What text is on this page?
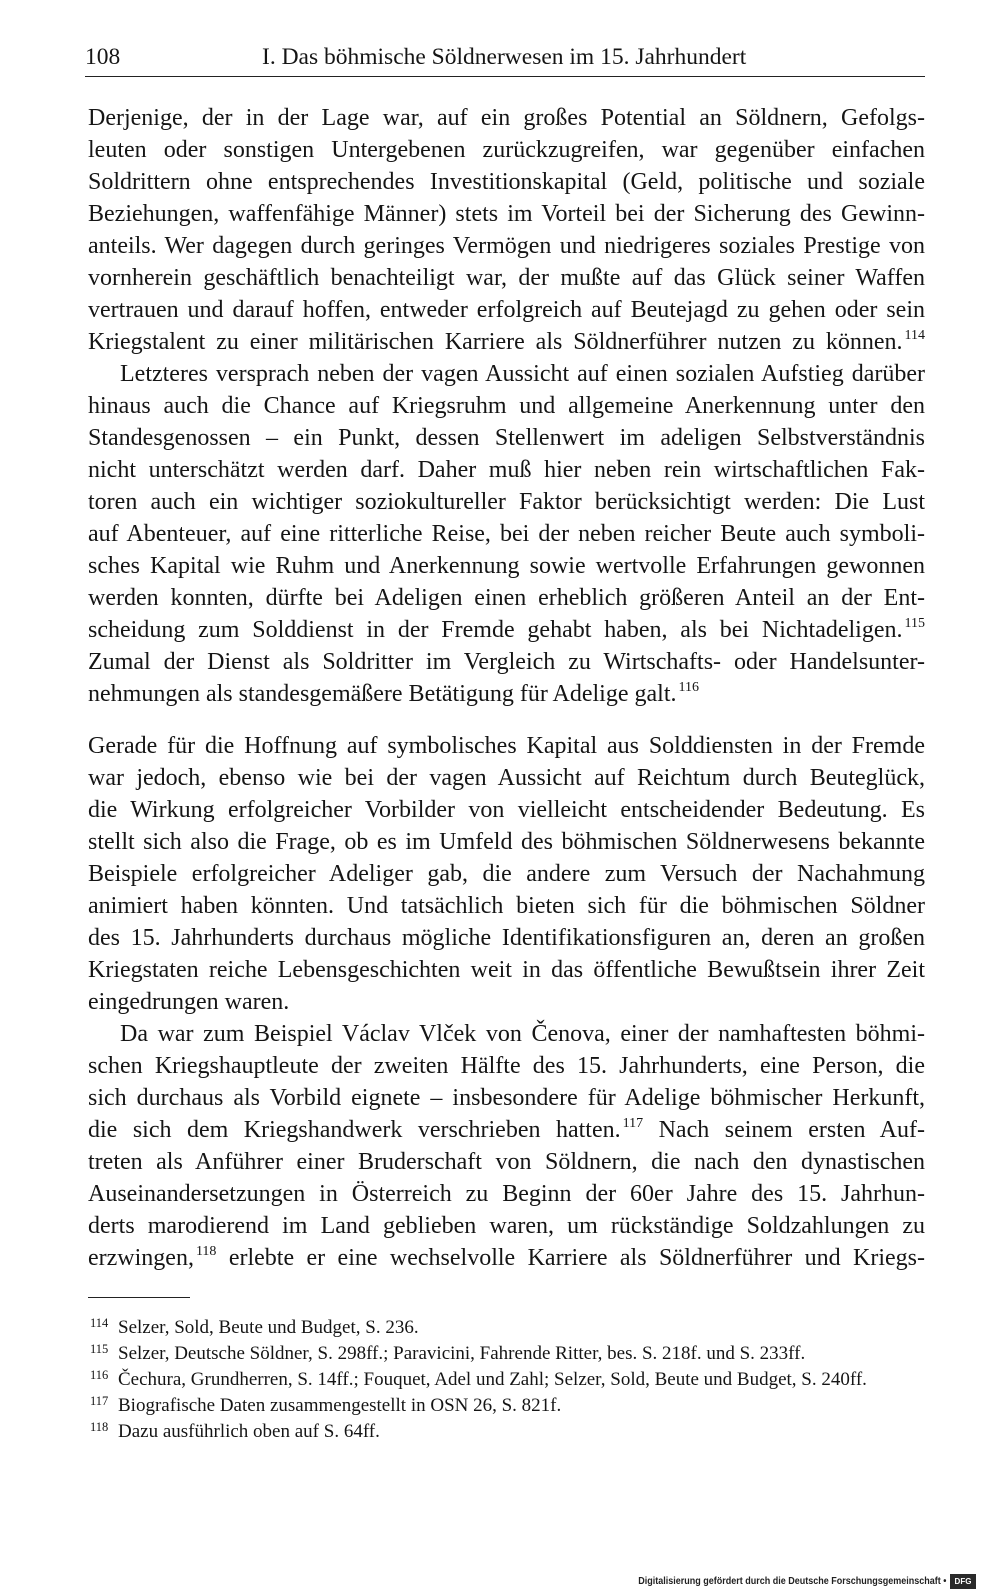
108	I. Das böhmische Söldnerwesen im 15. Jahrhundert
Derjenige, der in der Lage war, auf ein großes Potential an Söldnern, Gefolgs-
leuten oder sonstigen Untergebenen zurückzugreifen, war gegenüber einfachen
Soldrittern ohne entsprechendes Investitionskapital (Geld, politische und soziale
Beziehungen, waffenfähige Männer) stets im Vorteil bei der Sicherung des Gewinn-
anteils. Wer dagegen durch geringes Vermögen und niedrigeres soziales Prestige von
vornherein geschäftlich benachteiligt war, der mußte auf das Glück seiner Waffen
vertrauen und darauf hoffen, entweder erfolgreich auf Beutejagd zu gehen oder sein
Kriegstalent zu einer militärischen Karriere als Söldnerführer nutzen zu können. $^{114}$
Letzteres versprach neben der vagen Aussicht auf einen sozialen Aufstieg darüber
hinaus auch die Chance auf Kriegsruhm und allgemeine Anerkennung unter den
Standesgenossen – ein Punkt, dessen Stellenwert im adeligen Selbstverständnis
nicht unterschätzt werden darf. Daher muß hier neben rein wirtschaftlichen Fak-
toren auch ein wichtiger soziokultureller Faktor berücksichtigt werden: Die Lust
auf Abenteuer, auf eine ritterliche Reise, bei der neben reicher Beute auch symboli-
sches Kapital wie Ruhm und Anerkennung sowie wertvolle Erfahrungen gewonnen
werden konnten, dürfte bei Adeligen einen erheblich größeren Anteil an der Ent-
scheidung zum Solddienst in der Fremde gehabt haben, als bei Nichtadeligen. $^{115}$
Zumal der Dienst als Soldritter im Vergleich zu Wirtschafts- oder Handelsunter-
nehmungen als standesgemäßere Betätigung für Adelige galt. $^{116}$
Gerade für die Hoffnung auf symbolisches Kapital aus Solddiensten in der Fremde
war jedoch, ebenso wie bei der vagen Aussicht auf Reichtum durch Beuteglück,
die Wirkung erfolgreicher Vorbilder von vielleicht entscheidender Bedeutung. Es
stellt sich also die Frage, ob es im Umfeld des böhmischen Söldnerwesens bekannte
Beispiele erfolgreicher Adeliger gab, die andere zum Versuch der Nachahmung
animiert haben könnten. Und tatsächlich bieten sich für die böhmischen Söldner
des 15. Jahrhunderts durchaus mögliche Identifikationsfiguren an, deren an großen
Kriegstaten reiche Lebensgeschichten weit in das öffentliche Bewußtsein ihrer Zeit
eingedrungen waren.
Da war zum Beispiel Václav Vlček von Čenova, einer der namhaftesten böhmi-
schen Kriegshauptleute der zweiten Hälfte des 15. Jahrhunderts, eine Person, die
sich durchaus als Vorbild eignete – insbesondere für Adelige böhmischer Herkunft,
die sich dem Kriegshandwerk verschrieben hatten. $^{117}$ Nach seinem ersten Auf-
treten als Anführer einer Bruderschaft von Söldnern, die nach den dynastischen
Auseinandersetzungen in Österreich zu Beginn der 60er Jahre des 15. Jahrhun-
derts marodierend im Land geblieben waren, um rückständige Soldzahlungen zu
erzwingen, $^{118}$ erlebte er eine wechselvolle Karriere als Söldnerführer und Kriegs-
114 Selzer, Sold, Beute und Budget, S. 236.
115 Selzer, Deutsche Söldner, S. 298ff.; Paravicini, Fahrende Ritter, bes. S. 218f. und S. 233ff.
116 Čechura, Grundherren, S. 14ff.; Fouquet, Adel und Zahl; Selzer, Sold, Beute und Budget, S. 240ff.
117 Biografische Daten zusammengestellt in OSN 26, S. 821f.
118 Dazu ausführlich oben auf S. 64ff.
Digitalisierung gefördert durch die Deutsche Forschungsgemeinschaft •	DFG
